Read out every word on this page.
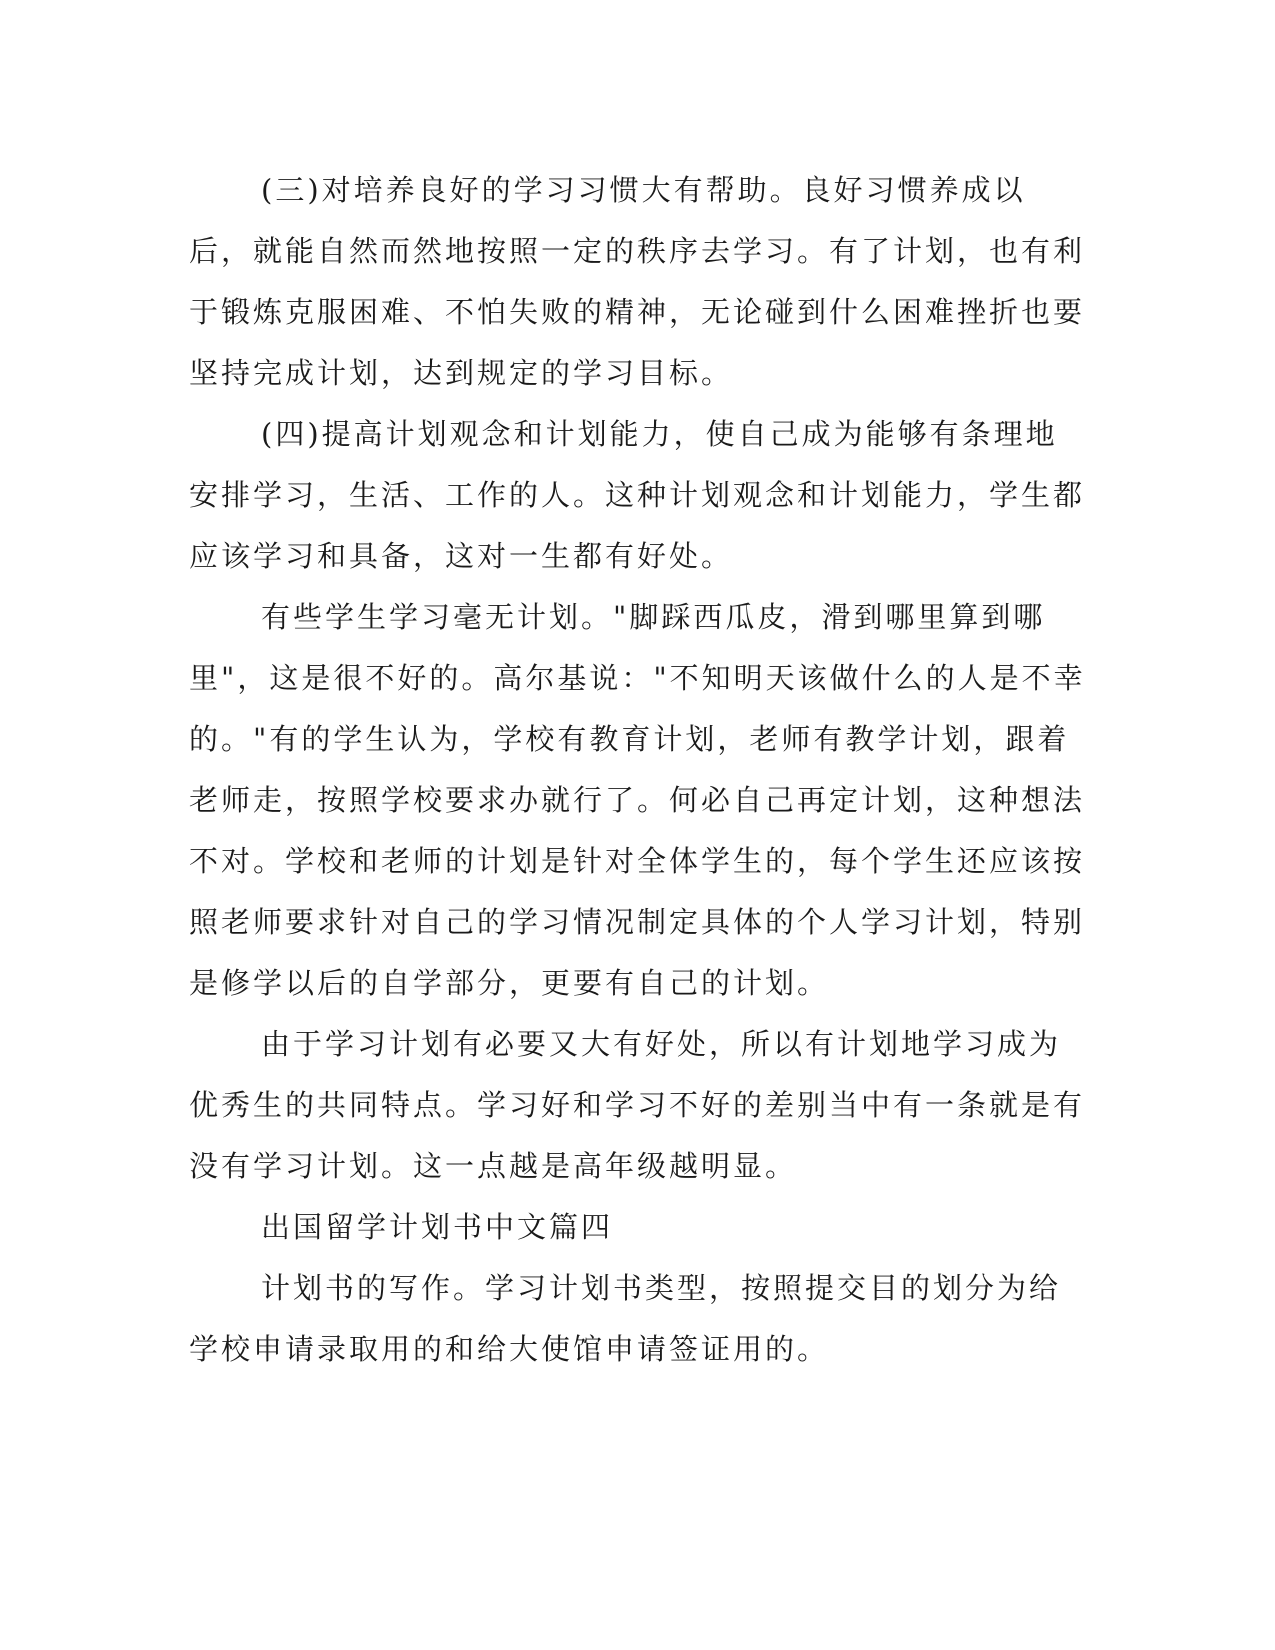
(三)对培养良好的学习习惯大有帮助。良好习惯养成以后，就能自然而然地按照一定的秩序去学习。有了计划，也有利于锻炼克服困难、不怕失败的精神，无论碰到什么困难挫折也要坚持完成计划，达到规定的学习目标。

(四)提高计划观念和计划能力，使自己成为能够有条理地安排学习，生活、工作的人。这种计划观念和计划能力，学生都应该学习和具备，这对一生都有好处。

有些学生学习毫无计划。"脚踩西瓜皮，滑到哪里算到哪里"，这是很不好的。高尔基说："不知明天该做什么的人是不幸的。"有的学生认为，学校有教育计划，老师有教学计划，跟着老师走，按照学校要求办就行了。何必自己再定计划，这种想法不对。学校和老师的计划是针对全体学生的，每个学生还应该按照老师要求针对自己的学习情况制定具体的个人学习计划，特别是修学以后的自学部分，更要有自己的计划。

由于学习计划有必要又大有好处，所以有计划地学习成为优秀生的共同特点。学习好和学习不好的差别当中有一条就是有没有学习计划。这一点越是高年级越明显。

出国留学计划书中文篇四

计划书的写作。学习计划书类型，按照提交目的划分为给学校申请录取用的和给大使馆申请签证用的。
